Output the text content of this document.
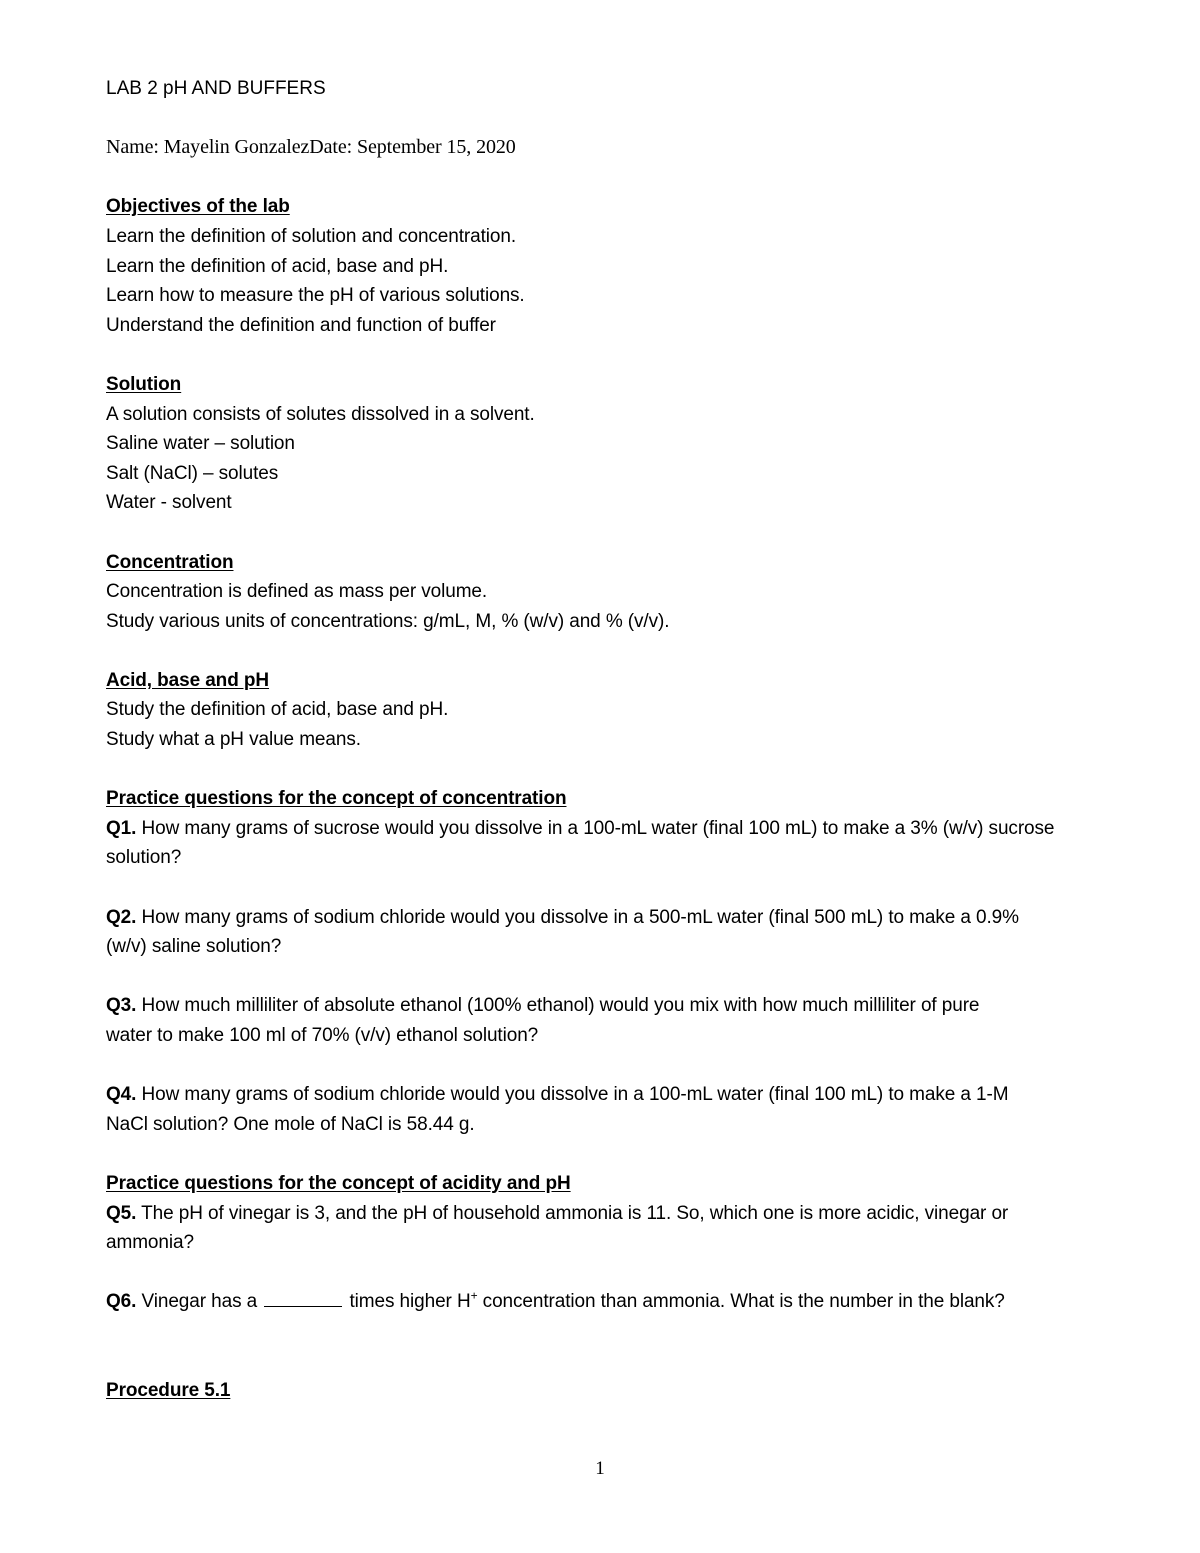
LAB 2 pH AND BUFFERS
Name: Mayelin GonzalezDate: September 15, 2020
Objectives of the lab
Learn the definition of solution and concentration.
Learn the definition of acid, base and pH.
Learn how to measure the pH of various solutions.
Understand the definition and function of buffer
Solution
A solution consists of solutes dissolved in a solvent.
Saline water – solution
Salt (NaCl) – solutes
Water - solvent
Concentration
Concentration is defined as mass per volume.
Study various units of concentrations: g/mL, M, % (w/v) and % (v/v).
Acid, base and pH
Study the definition of acid, base and pH.
Study what a pH value means.
Practice questions for the concept of concentration
Q1. How many grams of sucrose would you dissolve in a 100-mL water (final 100 mL) to make a 3% (w/v) sucrose
solution?
Q2. How many grams of sodium chloride would you dissolve in a 500-mL water (final 500 mL) to make a 0.9%
(w/v) saline solution?
Q3. How much milliliter of absolute ethanol (100% ethanol) would you mix with how much milliliter of pure
water to make 100 ml of 70% (v/v) ethanol solution?
Q4. How many grams of sodium chloride would you dissolve in a 100-mL water (final 100 mL) to make a 1-M
NaCl solution? One mole of NaCl is 58.44 g.
Practice questions for the concept of acidity and pH
Q5. The pH of vinegar is 3, and the pH of household ammonia is 11. So, which one is more acidic, vinegar or
ammonia?
Q6. Vinegar has a	times higher H+ concentration than ammonia. What is the number in the blank?
Procedure 5.1
1
